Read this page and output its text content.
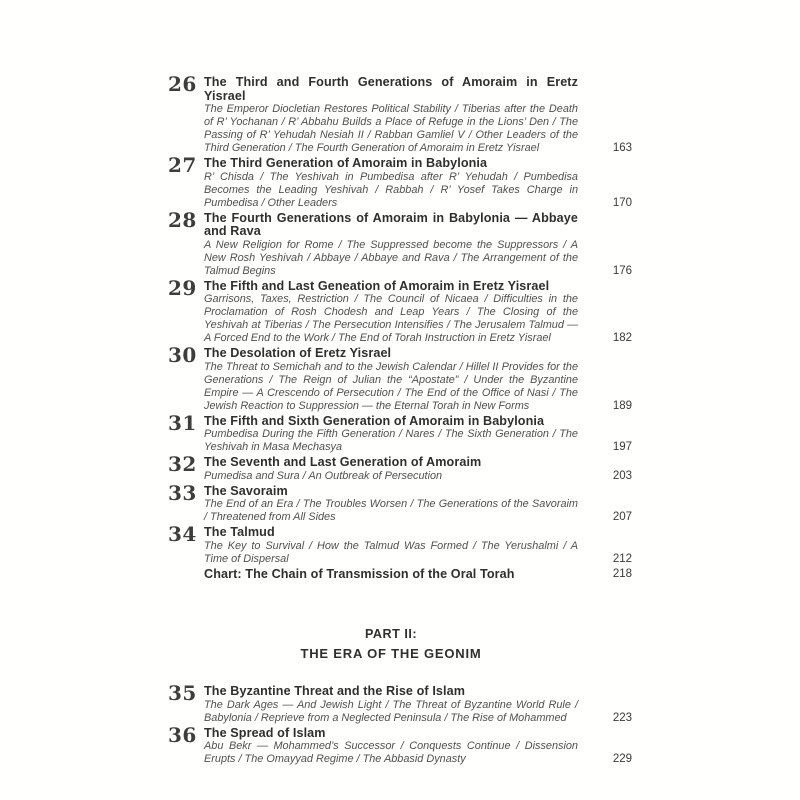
26 The Third and Fourth Generations of Amoraim in Eretz Yisrael
The Emperor Diocletian Restores Political Stability / Tiberias after the Death of R’ Yochanan / R’ Abbahu Builds a Place of Refuge in the Lions’ Den / The Passing of R’ Yehudah Nesiah II / Rabban Gamliel V / Other Leaders of the Third Generation / The Fourth Generation of Amoraim in Eretz Yisrael	163
27 The Third Generation of Amoraim in Babylonia
R’ Chisda / The Yeshivah in Pumbedisa after R’ Yehudah / Pumbedisa Becomes the Leading Yeshivah / Rabbah / R’ Yosef Takes Charge in Pumbedisa / Other Leaders	170
28 The Fourth Generations of Amoraim in Babylonia — Abbaye and Rava
A New Religion for Rome / The Suppressed become the Suppressors / A New Rosh Yeshivah / Abbaye / Abbaye and Rava / The Arrangement of the Talmud Begins	176
29 The Fifth and Last Geneation of Amoraim in Eretz Yisrael
Garrisons, Taxes, Restriction / The Council of Nicaea / Difficulties in the Proclamation of Rosh Chodesh and Leap Years / The Closing of the Yeshivah at Tiberias / The Persecution Intensifies / The Jerusalem Talmud — A Forced End to the Work / The End of Torah Instruction in Eretz Yisrael	182
30 The Desolation of Eretz Yisrael
The Threat to Semichah and to the Jewish Calendar / Hillel II Provides for the Generations / The Reign of Julian the “Apostate” / Under the Byzantine Empire — A Crescendo of Persecution / The End of the Office of Nasi / The Jewish Reaction to Suppression — the Eternal Torah in New Forms	189
31 The Fifth and Sixth Generation of Amoraim in Babylonia
Pumbedisa During the Fifth Generation / Nares / The Sixth Generation / The Yeshivah in Masa Mechasya	197
32 The Seventh and Last Generation of Amoraim
Pumedisa and Sura / An Outbreak of Persecution	203
33 The Savoraim
The End of an Era / The Troubles Worsen / The Generations of the Savoraim / Threatened from All Sides	207
34 The Talmud
The Key to Survival / How the Talmud Was Formed / The Yerushalmi / A Time of Dispersal	212
Chart: The Chain of Transmission of the Oral Torah	218
PART II:
THE ERA OF THE GEONIM
35 The Byzantine Threat and the Rise of Islam
The Dark Ages — And Jewish Light / The Threat of Byzantine World Rule / Babylonia / Reprieve from a Neglected Peninsula / The Rise of Mohammed	223
36 The Spread of Islam
Abu Bekr — Mohammed’s Successor / Conquests Continue / Dissension Erupts / The Omayyad Regime / The Abbasid Dynasty	229
